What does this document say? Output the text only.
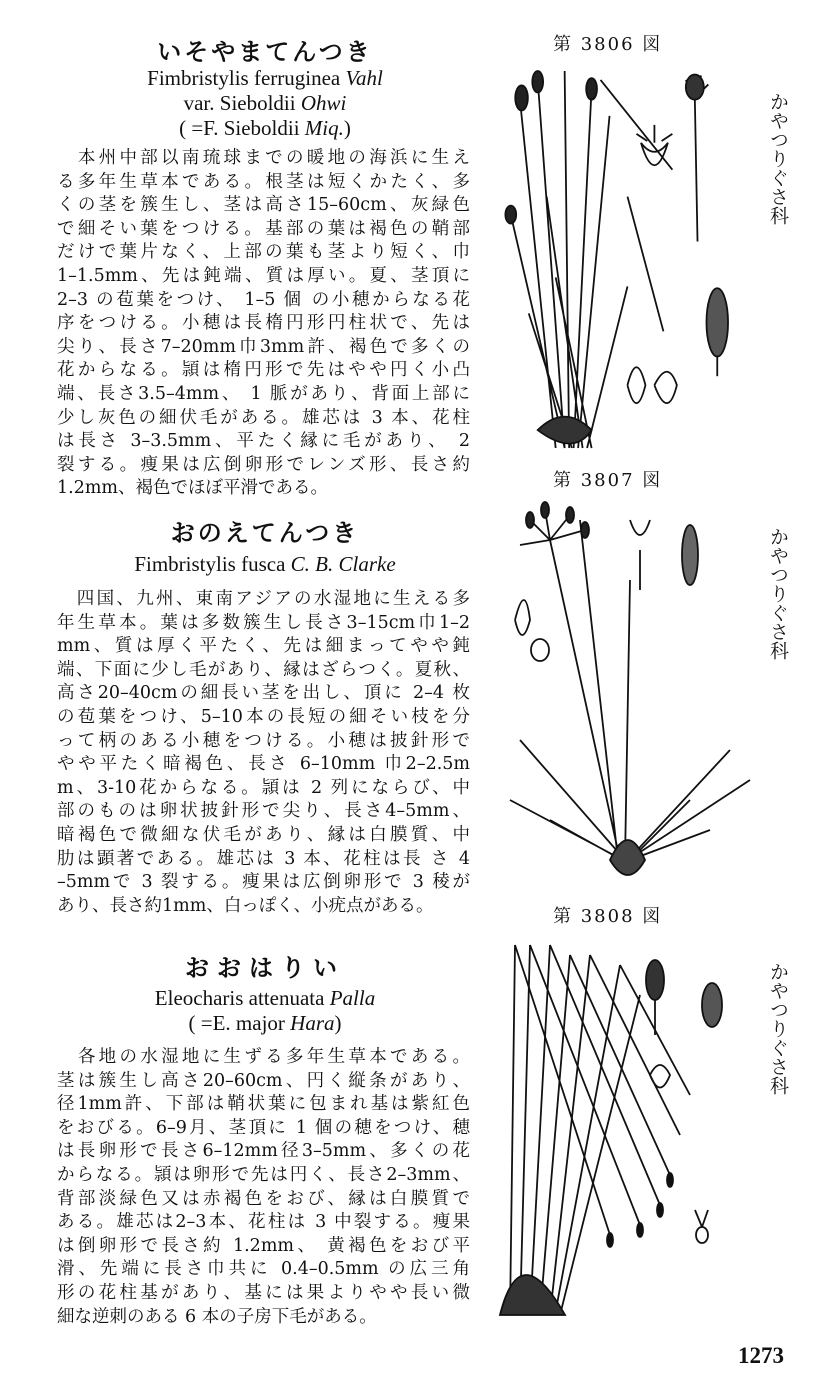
いそやまてんつき
Fimbristylis ferruginea Vahl
var. Sieboldii Ohwi
( =F. Sieboldii Miq.)
　本州中部以南琉球までの暖地の海浜に生え
る多年生草本である。根茎は短くかたく、多
くの茎を簇生し、茎は高さ15–60cm、灰緑色
で細そい葉をつける。基部の葉は褐色の鞘部
だけで葉片なく、上部の葉も茎より短く、巾
1–1.5mm、先は鈍端、質は厚い。夏、茎頂に
2–3 の苞葉をつけ、 1–5 個 の小穂からなる花
序をつける。小穂は長楕円形円柱状で、先は
尖り、長さ7–20mm巾3mm許、褐色で多くの
花からなる。頴は楕円形で先はやや円く小凸
端、長さ3.5–4mm、 1 脈があり、背面上部に
少し灰色の細伏毛がある。雄芯は 3 本、花柱
は長さ 3–3.5mm、平たく縁に毛があり、 2
裂する。痩果は広倒卵形でレンズ形、長さ約
1.2mm、褐色でほぼ平滑である。
第 3806 図
かやつりぐさ科
おのえてんつき
Fimbristylis fusca C. B. Clarke
　四国、九州、東南アジアの水湿地に生える多
年生草本。葉は多数簇生し長さ3–15cm巾1–2
mm、質は厚く平たく、先は細まってやや鈍
端、下面に少し毛があり、縁はざらつく。夏秋、
高さ20–40cmの細長い茎を出し、頂に 2–4 枚
の苞葉をつけ、5–10本の長短の細そい枝を分
って柄のある小穂をつける。小穂は披針形で
やや平たく暗褐色、長さ 6–10mm 巾2–2.5m
m、3-10花からなる。頴は 2 列にならび、中
部のものは卵状披針形で尖り、長さ4–5mm、
暗褐色で微細な伏毛があり、縁は白膜質、中
肋は顕著である。雄芯は 3 本、花柱は長 さ 4
–5mmで 3 裂する。痩果は広倒卵形で 3 稜が
あり、長さ約1mm、白っぽく、小疣点がある。
第 3807 図
かやつりぐさ科
おおはりい
Eleocharis attenuata Palla
( =E. major Hara)
　各地の水湿地に生ずる多年生草本である。
茎は簇生し高さ20–60cm、円く縦条があり、
径1mm許、下部は鞘状葉に包まれ基は紫紅色
をおびる。6–9月、茎頂に 1 個の穂をつけ、穂
は長卵形で長さ6–12mm径3–5mm、多くの花
からなる。頴は卵形で先は円く、長さ2–3mm、
背部淡緑色又は赤褐色をおび、縁は白膜質で
ある。雄芯は2–3本、花柱は 3 中裂する。痩果
は倒卵形で長さ約 1.2mm、 黄褐色をおび平
滑、先端に長さ巾共に 0.4–0.5mm の広三角
形の花柱基があり、基には果よりやや長い微
細な逆刺のある 6 本の子房下毛がある。
第 3808 図
かやつりぐさ科
1273
